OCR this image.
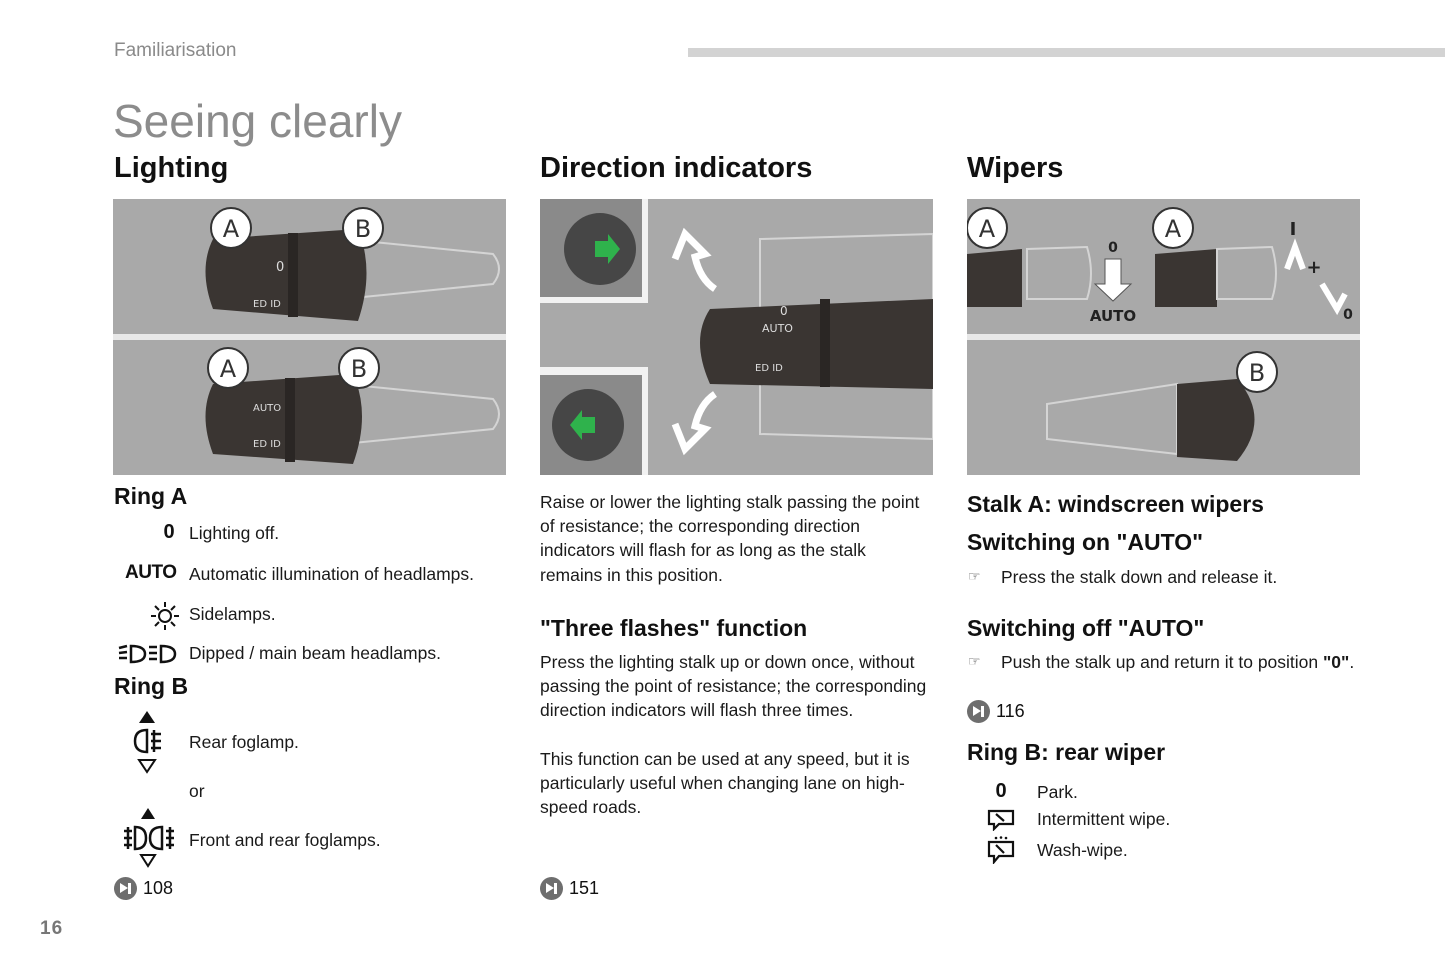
Familiarisation
Seeing clearly
Lighting	Direction indicators	Wipers
0
ED ID
AUTO
ED ID
A	B
A	B
0
AUTO
ED ID
0
AUTO
I
+
0
A	A
B
Ring A
0 Lighting off.
AUTO Automatic illumination of headlamps.
Sidelamps.
Dipped / main beam headlamps.
Ring B
Rear foglamp.
or
Front and rear foglamps.
108
Raise or lower the lighting stalk passing the point of resistance; the corresponding direction indicators will flash for as long as the stalk remains in this position.
"Three flashes" function
Press the lighting stalk up or down once, without passing the point of resistance; the corresponding direction indicators will flash three times.
This function can be used at any speed, but it is particularly useful when changing lane on high-speed roads.
151
Stalk A: windscreen wipers
Switching on "AUTO"
☞ Press the stalk down and release it.
Switching off "AUTO"
☞ Push the stalk up and return it to position "0".
116
Ring B: rear wiper
0	Park.
Intermittent wipe.
Wash-wipe.
16
